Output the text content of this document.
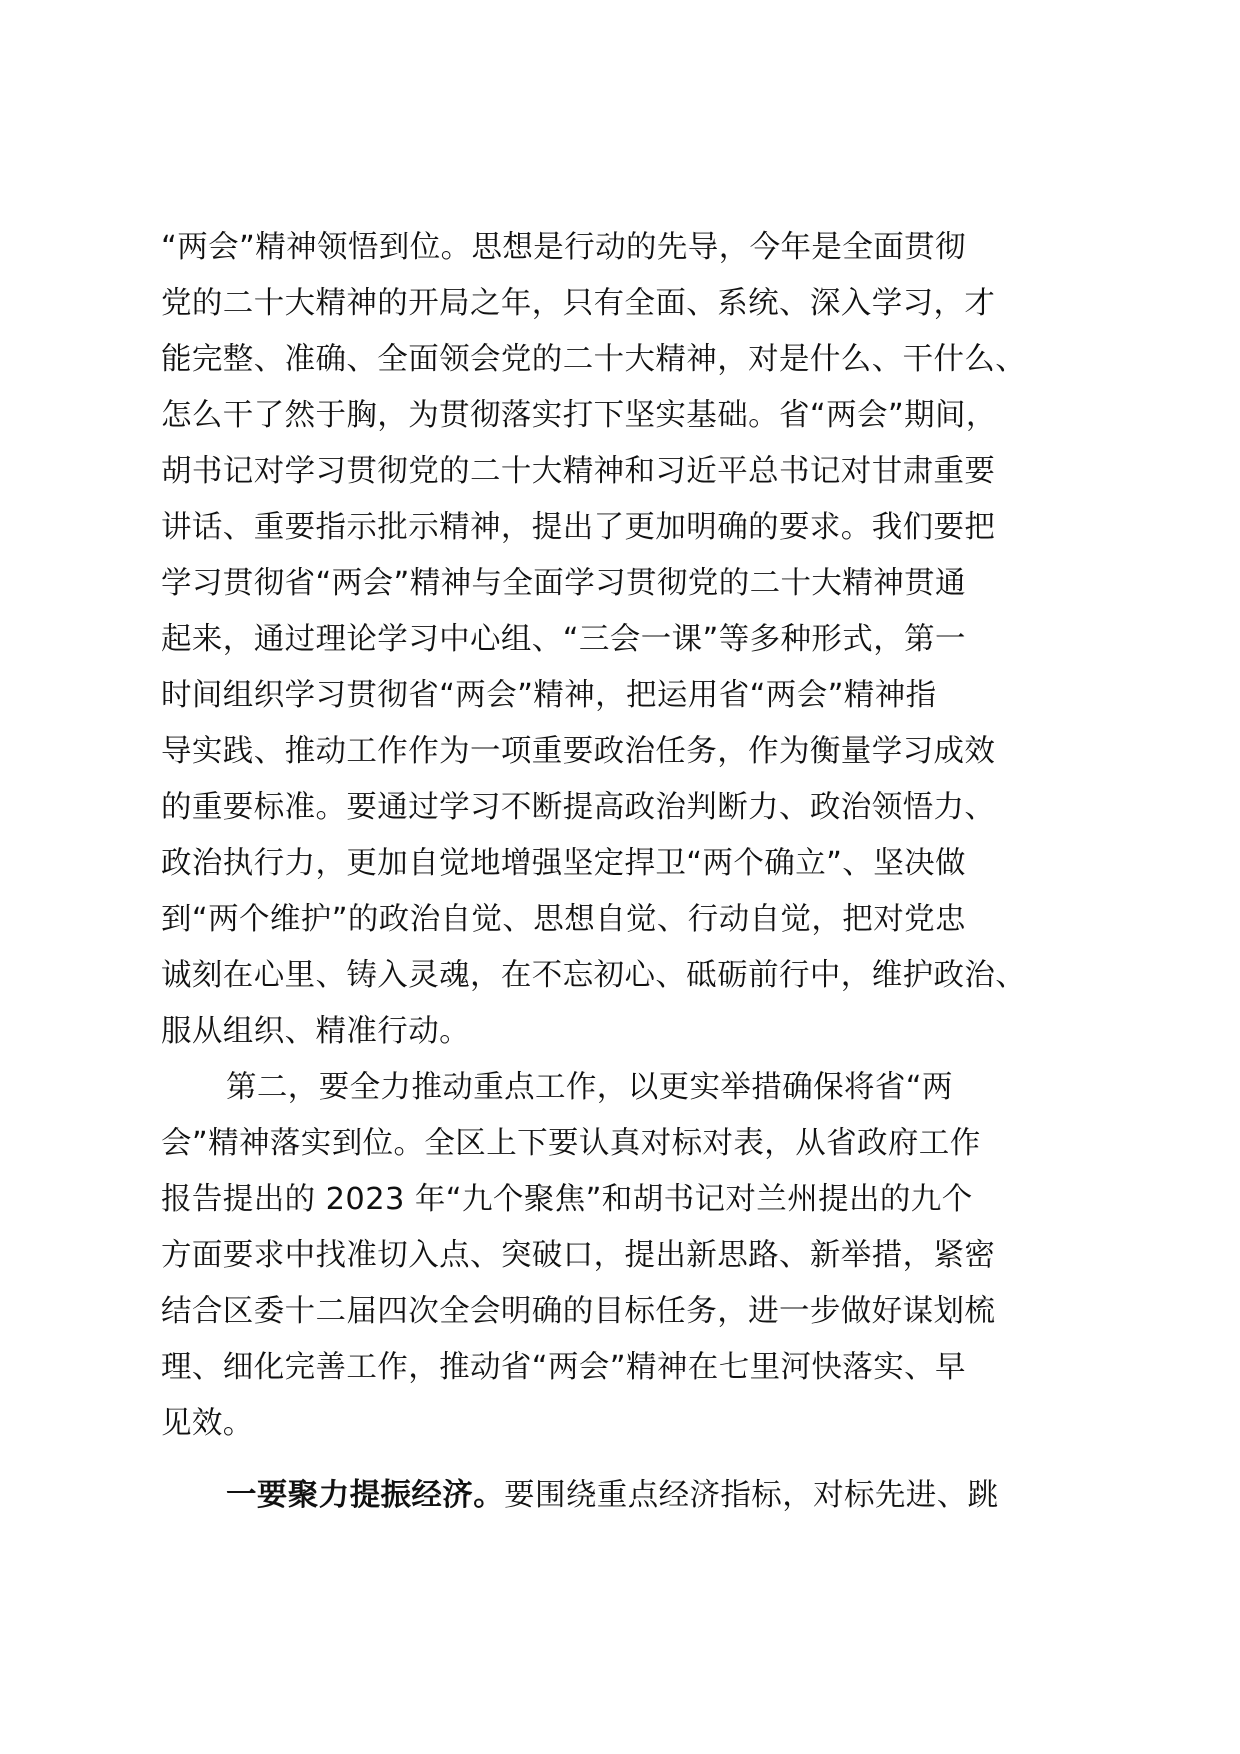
“两会”精神领悟到位。思想是行动的先导，今年是全面贯彻
党的二十大精神的开局之年，只有全面、系统、深入学习，才
能完整、准确、全面领会党的二十大精神，对是什么、干什么、
怎么干了然于胸，为贯彻落实打下坚实基础。省“两会”期间，
胡书记对学习贯彻党的二十大精神和习近平总书记对甘肃重要
讲话、重要指示批示精神，提出了更加明确的要求。我们要把
学习贯彻省“两会”精神与全面学习贯彻党的二十大精神贯通
起来，通过理论学习中心组、“三会一课”等多种形式，第一
时间组织学习贯彻省“两会”精神，把运用省“两会”精神指
导实践、推动工作作为一项重要政治任务，作为衡量学习成效
的重要标准。要通过学习不断提高政治判断力、政治领悟力、
政治执行力，更加自觉地增强坚定捍卫“两个确立”、坚决做
到“两个维护”的政治自觉、思想自觉、行动自觉，把对党忠
诚刻在心里、铸入灵魂，在不忘初心、砥砺前行中，维护政治、
服从组织、精准行动。
第二，要全力推动重点工作，以更实举措确保将省“两
会”精神落实到位。全区上下要认真对标对表，从省政府工作
报告提出的 2023 年“九个聚焦”和胡书记对兰州提出的九个
方面要求中找准切入点、突破口，提出新思路、新举措，紧密
结合区委十二届四次全会明确的目标任务，进一步做好谋划梳
理、细化完善工作，推动省“两会”精神在七里河快落实、早
见效。
一要聚力提振经济。要围绕重点经济指标，对标先进、跳
